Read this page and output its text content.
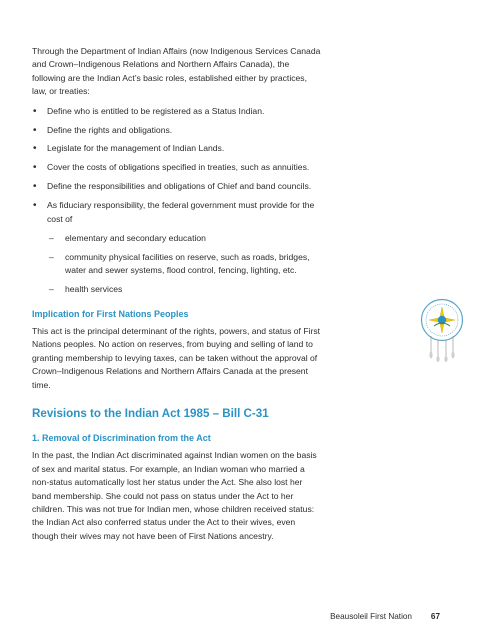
Through the Department of Indian Affairs (now Indigenous Services Canada and Crown–Indigenous Relations and Northern Affairs Canada), the following are the Indian Act’s basic roles, established either by practices, law, or treaties:

• Define who is entitled to be registered as a Status Indian.
• Define the rights and obligations.
• Legislate for the management of Indian Lands.
• Cover the costs of obligations specified in treaties, such as annuities.
• Define the responsibilities and obligations of Chief and band councils.
• As fiduciary responsibility, the federal government must provide for the cost of
– elementary and secondary education
– community physical facilities on reserve, such as roads, bridges, water and sewer systems, flood control, fencing, lighting, etc.
– health services
Implication for First Nations Peoples

This act is the principal determinant of the rights, powers, and status of First Nations peoples. No action on reserves, from buying and selling of land to granting membership to levying taxes, can be taken without the approval of Crown–Indigenous Relations and Northern Affairs Canada at the present time.

Revisions to the Indian Act 1985 – Bill C-31
1. Removal of Discrimination from the Act

In the past, the Indian Act discriminated against Indian women on the basis of sex and marital status. For example, an Indian woman who married a non-status automatically lost her status under the Act. She also lost her band membership. She could not pass on status under the Act to her children. This was not true for Indian men, whose children received status: the Indian Act also conferred status under the Act to their wives, even though their wives may not have been of First Nations ancestry.

Beausoleil First Nation 67
